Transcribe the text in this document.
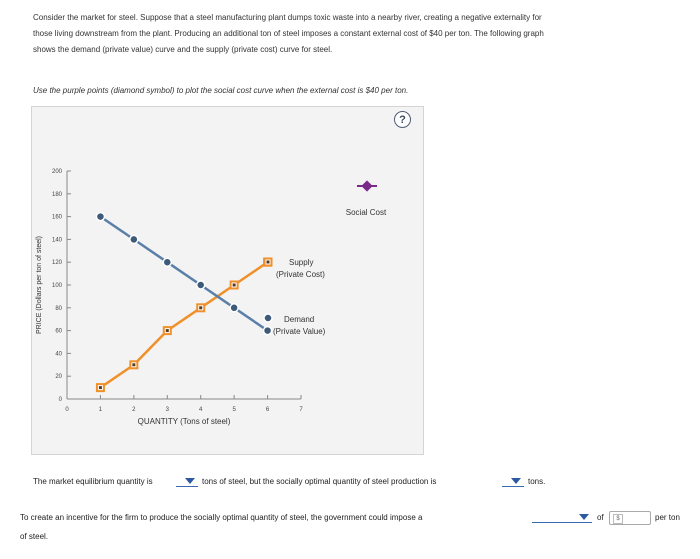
Consider the market for steel. Suppose that a steel manufacturing plant dumps toxic waste into a nearby river, creating a negative externality for
those living downstream from the plant. Producing an additional ton of steel imposes a constant external cost of $40 per ton. The following graph
shows the demand (private value) curve and the supply (private cost) curve for steel.
Use the purple points (diamond symbol) to plot the social cost curve when the external cost is $40 per ton.
?
0
20
40
60
80
100
120
140
160
180
200
0	1	2	3	4	5	6	7
Social Cost
Supply
(Private Cost)
Demand
(Private Value)
QUANTITY (Tons of steel)
PRICE (Dollars per ton of steel)
The market equilibrium quantity is	tons of steel, but the socially optimal quantity of steel production is	tons.
To create an incentive for the firm to produce the socially optimal quantity of steel, the government could impose a	of	$	per ton
of steel.
